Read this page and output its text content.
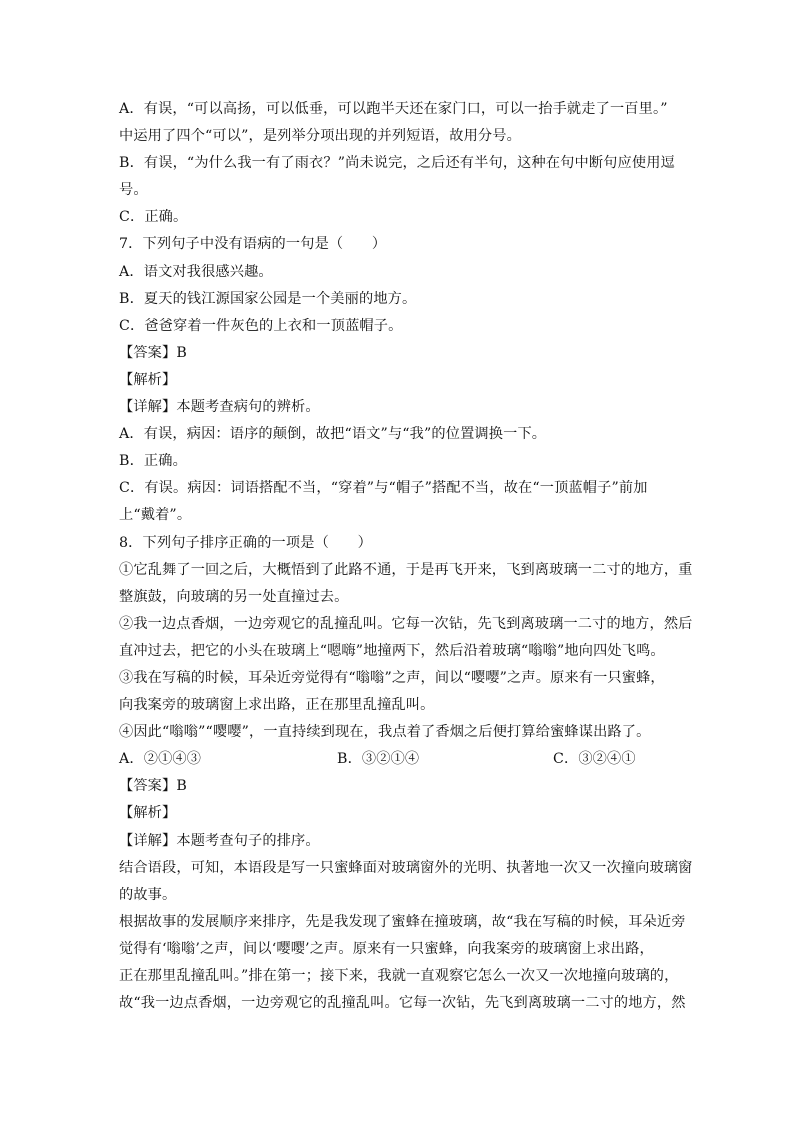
A．有误，“可以高扬，可以低垂，可以跑半天还在家门口，可以一抬手就走了一百里。”
中运用了四个“可以”，是列举分项出现的并列短语，故用分号。
B．有误，“为什么我一有了雨衣？”尚未说完，之后还有半句，这种在句中断句应使用逗
号。
C．正确。
7．下列句子中没有语病的一句是（　　）
A．语文对我很感兴趣。
B．夏天的钱江源国家公园是一个美丽的地方。
C．爸爸穿着一件灰色的上衣和一顶蓝帽子。
【答案】B
【解析】
【详解】本题考查病句的辨析。
A．有误，病因：语序的颠倒，故把“语文”与“我”的位置调换一下。
B．正确。
C．有误。病因：词语搭配不当，“穿着”与“帽子”搭配不当，故在“一顶蓝帽子”前加
上“戴着”。
8．下列句子排序正确的一项是（　　）
①它乱舞了一回之后，大概悟到了此路不通，于是再飞开来，飞到离玻璃一二寸的地方，重
整旗鼓，向玻璃的另一处直撞过去。
②我一边点香烟，一边旁观它的乱撞乱叫。它每一次钻，先飞到离玻璃一二寸的地方，然后
直冲过去，把它的小头在玻璃上“嗯嗨”地撞两下，然后沿着玻璃“嗡嗡”地向四处飞鸣。
③我在写稿的时候，耳朵近旁觉得有“嗡嗡”之声，间以“嘤嘤”之声。原来有一只蜜蜂，
向我案旁的玻璃窗上求出路，正在那里乱撞乱叫。
④因此“嗡嗡”“嘤嘤”，一直持续到现在，我点着了香烟之后便打算给蜜蜂谋出路了。
A．②①④③	B．③②①④	C．③②④①
【答案】B
【解析】
【详解】本题考查句子的排序。
结合语段，可知，本语段是写一只蜜蜂面对玻璃窗外的光明、执著地一次又一次撞向玻璃窗
的故事。
根据故事的发展顺序来排序，先是我发现了蜜蜂在撞玻璃，故“我在写稿的时候，耳朵近旁
觉得有‘嗡嗡’之声，间以‘嘤嘤’之声。原来有一只蜜蜂，向我案旁的玻璃窗上求出路，
正在那里乱撞乱叫。”排在第一；接下来，我就一直观察它怎么一次又一次地撞向玻璃的，
故“我一边点香烟，一边旁观它的乱撞乱叫。它每一次钻，先飞到离玻璃一二寸的地方，然
